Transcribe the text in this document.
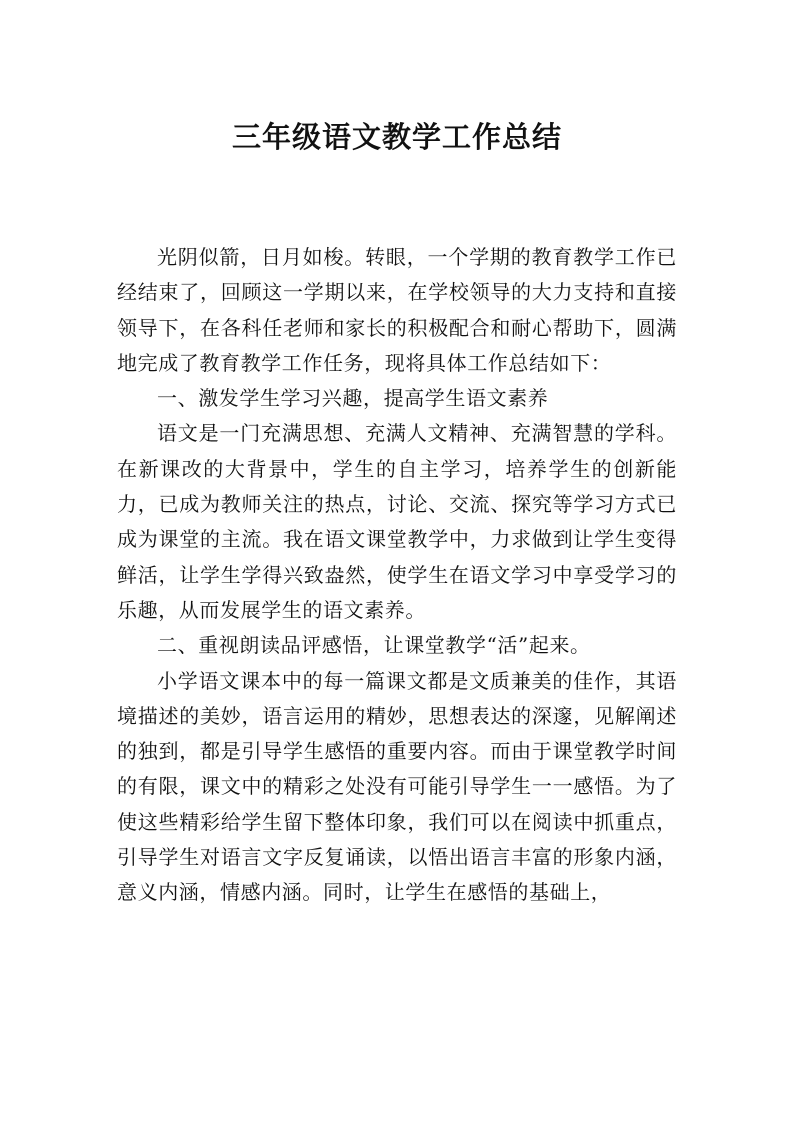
三年级语文教学工作总结

光阴似箭，日月如梭。转眼，一个学期的教育教学工作已经结束了，回顾这一学期以来，在学校领导的大力支持和直接领导下，在各科任老师和家长的积极配合和耐心帮助下，圆满地完成了教育教学工作任务，现将具体工作总结如下：

一、激发学生学习兴趣，提高学生语文素养

语文是一门充满思想、充满人文精神、充满智慧的学科。在新课改的大背景中，学生的自主学习，培养学生的创新能力，已成为教师关注的热点，讨论、交流、探究等学习方式已成为课堂的主流。我在语文课堂教学中，力求做到让学生变得鲜活，让学生学得兴致盎然，使学生在语文学习中享受学习的乐趣，从而发展学生的语文素养。

二、重视朗读品评感悟，让课堂教学“活”起来。

小学语文课本中的每一篇课文都是文质兼美的佳作，其语境描述的美妙，语言运用的精妙，思想表达的深邃，见解阐述的独到，都是引导学生感悟的重要内容。而由于课堂教学时间的有限，课文中的精彩之处没有可能引导学生一一感悟。为了使这些精彩给学生留下整体印象，我们可以在阅读中抓重点，引导学生对语言文字反复诵读，以悟出语言丰富的形象内涵，意义内涵，情感内涵。同时，让学生在感悟的基础上，
